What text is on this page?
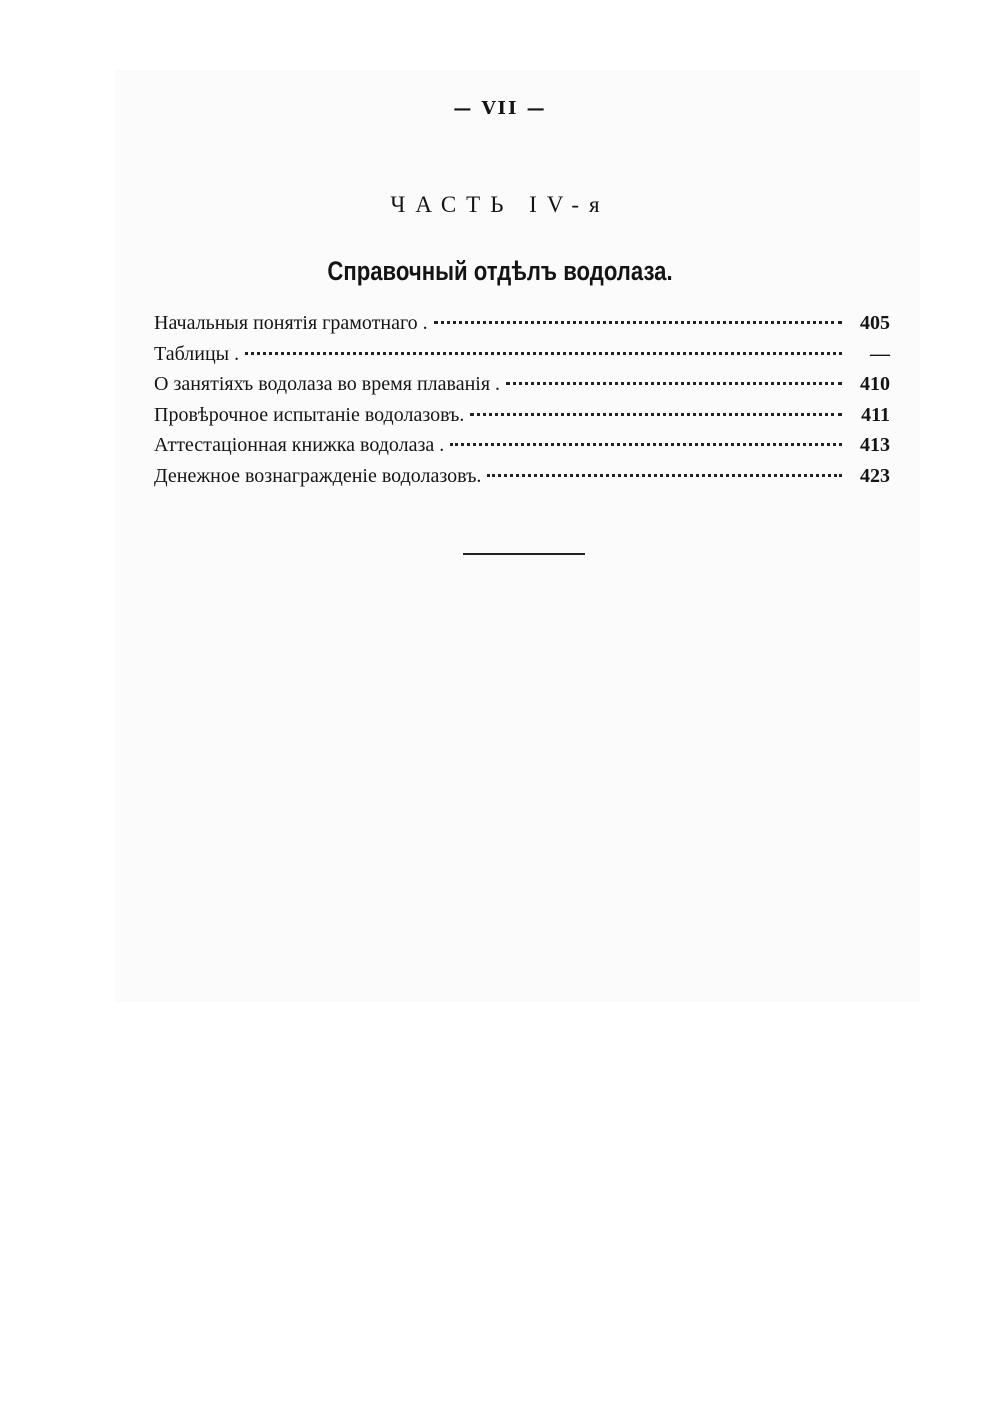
— VII —
ЧАСТЬ IV-я
Справочный отдѣлъ водолаза.
Начальныя понятія грамотнаго .	405
Таблицы .	—
О занятіяхъ водолаза во время плаванія .	410
Провѣрочное испытаніе водолазовъ.	411
Аттестаціонная книжка водолаза .	413
Денежное вознагражденіе водолазовъ.	423
